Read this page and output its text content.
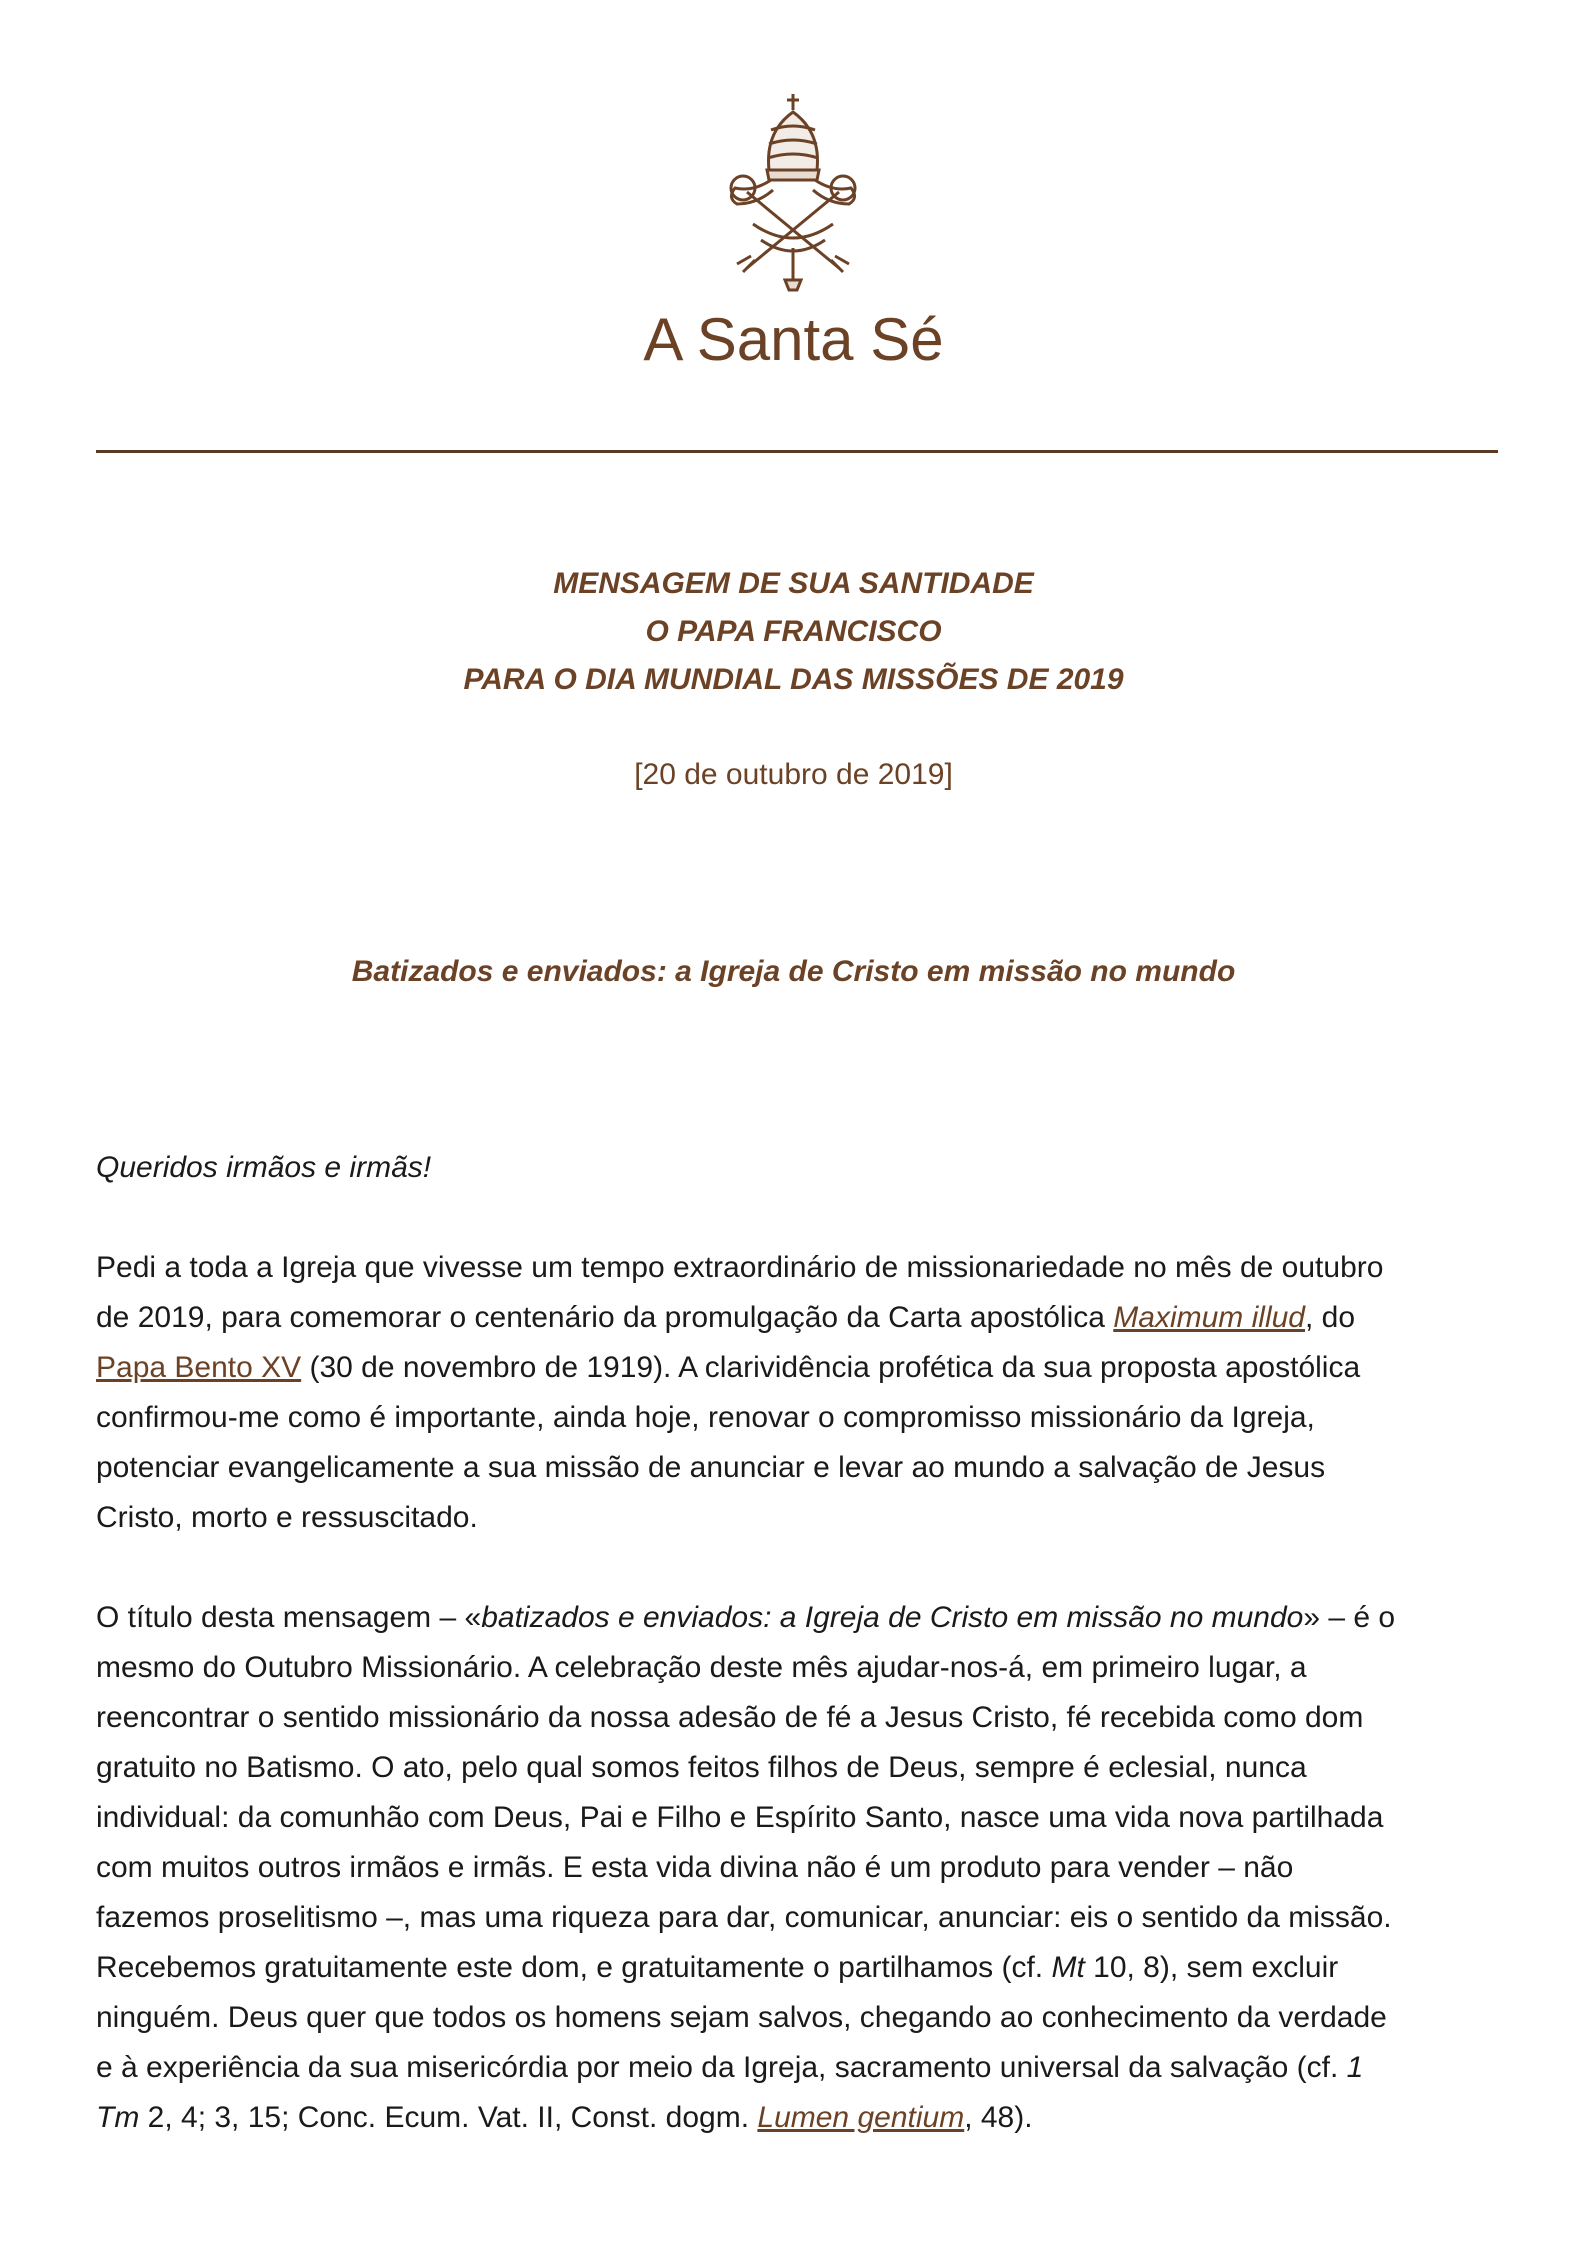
A Santa Sé
MENSAGEM DE SUA SANTIDADE
O PAPA FRANCISCO
PARA O DIA MUNDIAL DAS MISSÕES DE 2019
[20 de outubro de 2019]
Batizados e enviados: a Igreja de Cristo em missão no mundo
Queridos irmãos e irmãs!
Pedi a toda a Igreja que vivesse um tempo extraordinário de missionariedade no mês de outubro
de 2019, para comemorar o centenário da promulgação da Carta apostólica Maximum illud, do
Papa Bento XV (30 de novembro de 1919). A clarividência profética da sua proposta apostólica
confirmou-me como é importante, ainda hoje, renovar o compromisso missionário da Igreja,
potenciar evangelicamente a sua missão de anunciar e levar ao mundo a salvação de Jesus
Cristo, morto e ressuscitado.
O título desta mensagem – «batizados e enviados: a Igreja de Cristo em missão no mundo» – é o
mesmo do Outubro Missionário. A celebração deste mês ajudar-nos-á, em primeiro lugar, a
reencontrar o sentido missionário da nossa adesão de fé a Jesus Cristo, fé recebida como dom
gratuito no Batismo. O ato, pelo qual somos feitos filhos de Deus, sempre é eclesial, nunca
individual: da comunhão com Deus, Pai e Filho e Espírito Santo, nasce uma vida nova partilhada
com muitos outros irmãos e irmãs. E esta vida divina não é um produto para vender – não
fazemos proselitismo –, mas uma riqueza para dar, comunicar, anunciar: eis o sentido da missão.
Recebemos gratuitamente este dom, e gratuitamente o partilhamos (cf. Mt 10, 8), sem excluir
ninguém. Deus quer que todos os homens sejam salvos, chegando ao conhecimento da verdade
e à experiência da sua misericórdia por meio da Igreja, sacramento universal da salvação (cf. 1
Tm 2, 4; 3, 15; Conc. Ecum. Vat. II, Const. dogm. Lumen gentium, 48).
